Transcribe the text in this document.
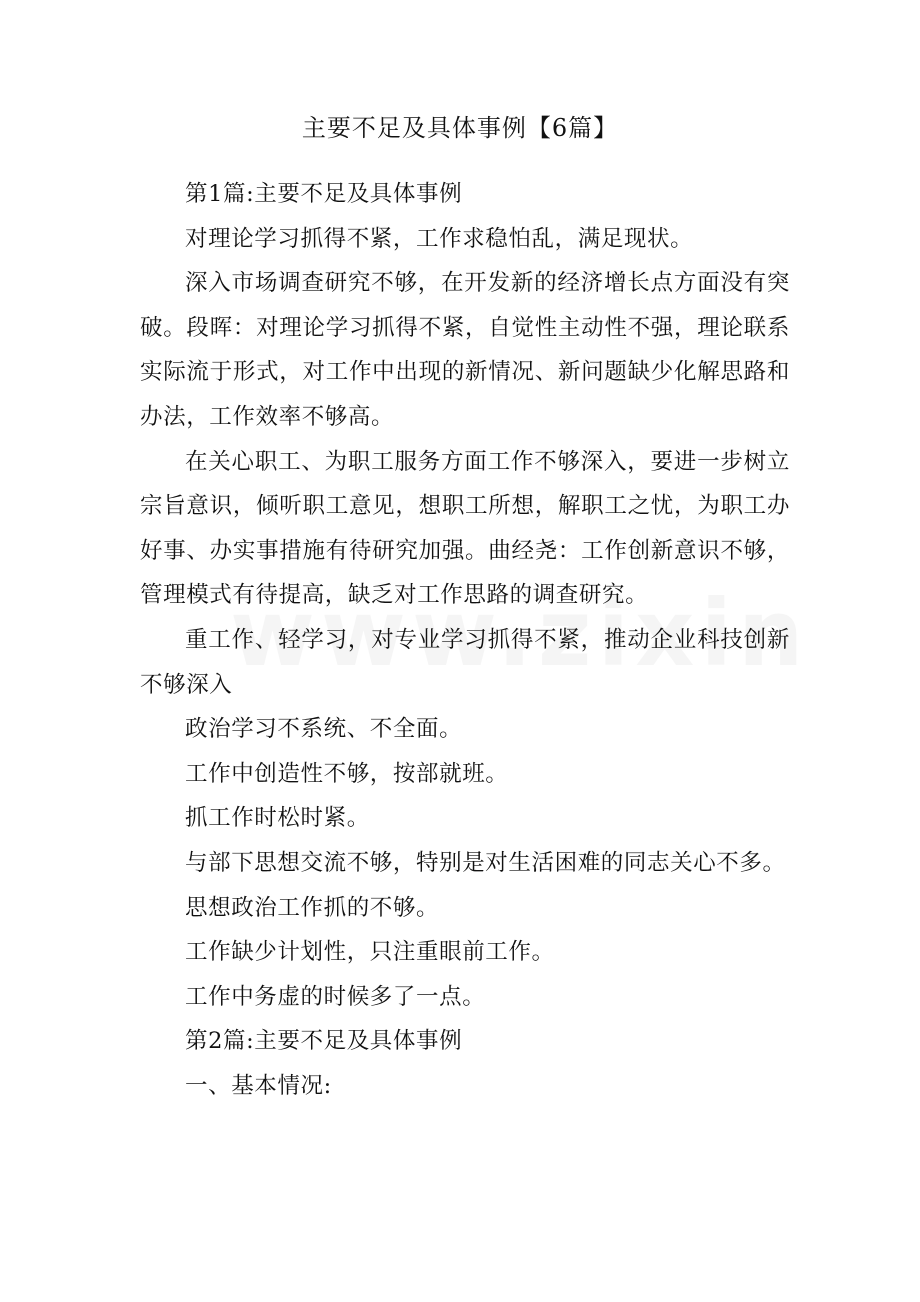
主要不足及具体事例【6篇】

第1篇:主要不足及具体事例

对理论学习抓得不紧，工作求稳怕乱，满足现状。

深入市场调查研究不够，在开发新的经济增长点方面没有突破。段晖：对理论学习抓得不紧，自觉性主动性不强，理论联系实际流于形式，对工作中出现的新情况、新问题缺少化解思路和办法，工作效率不够高。

在关心职工、为职工服务方面工作不够深入，要进一步树立宗旨意识，倾听职工意见，想职工所想，解职工之忧，为职工办好事、办实事措施有待研究加强。曲经尧：工作创新意识不够，管理模式有待提高，缺乏对工作思路的调查研究。

重工作、轻学习，对专业学习抓得不紧，推动企业科技创新不够深入

政治学习不系统、不全面。

工作中创造性不够，按部就班。

抓工作时松时紧。

与部下思想交流不够，特别是对生活困难的同志关心不多。

思想政治工作抓的不够。

工作缺少计划性，只注重眼前工作。

工作中务虚的时候多了一点。

第2篇:主要不足及具体事例

一、基本情况:
